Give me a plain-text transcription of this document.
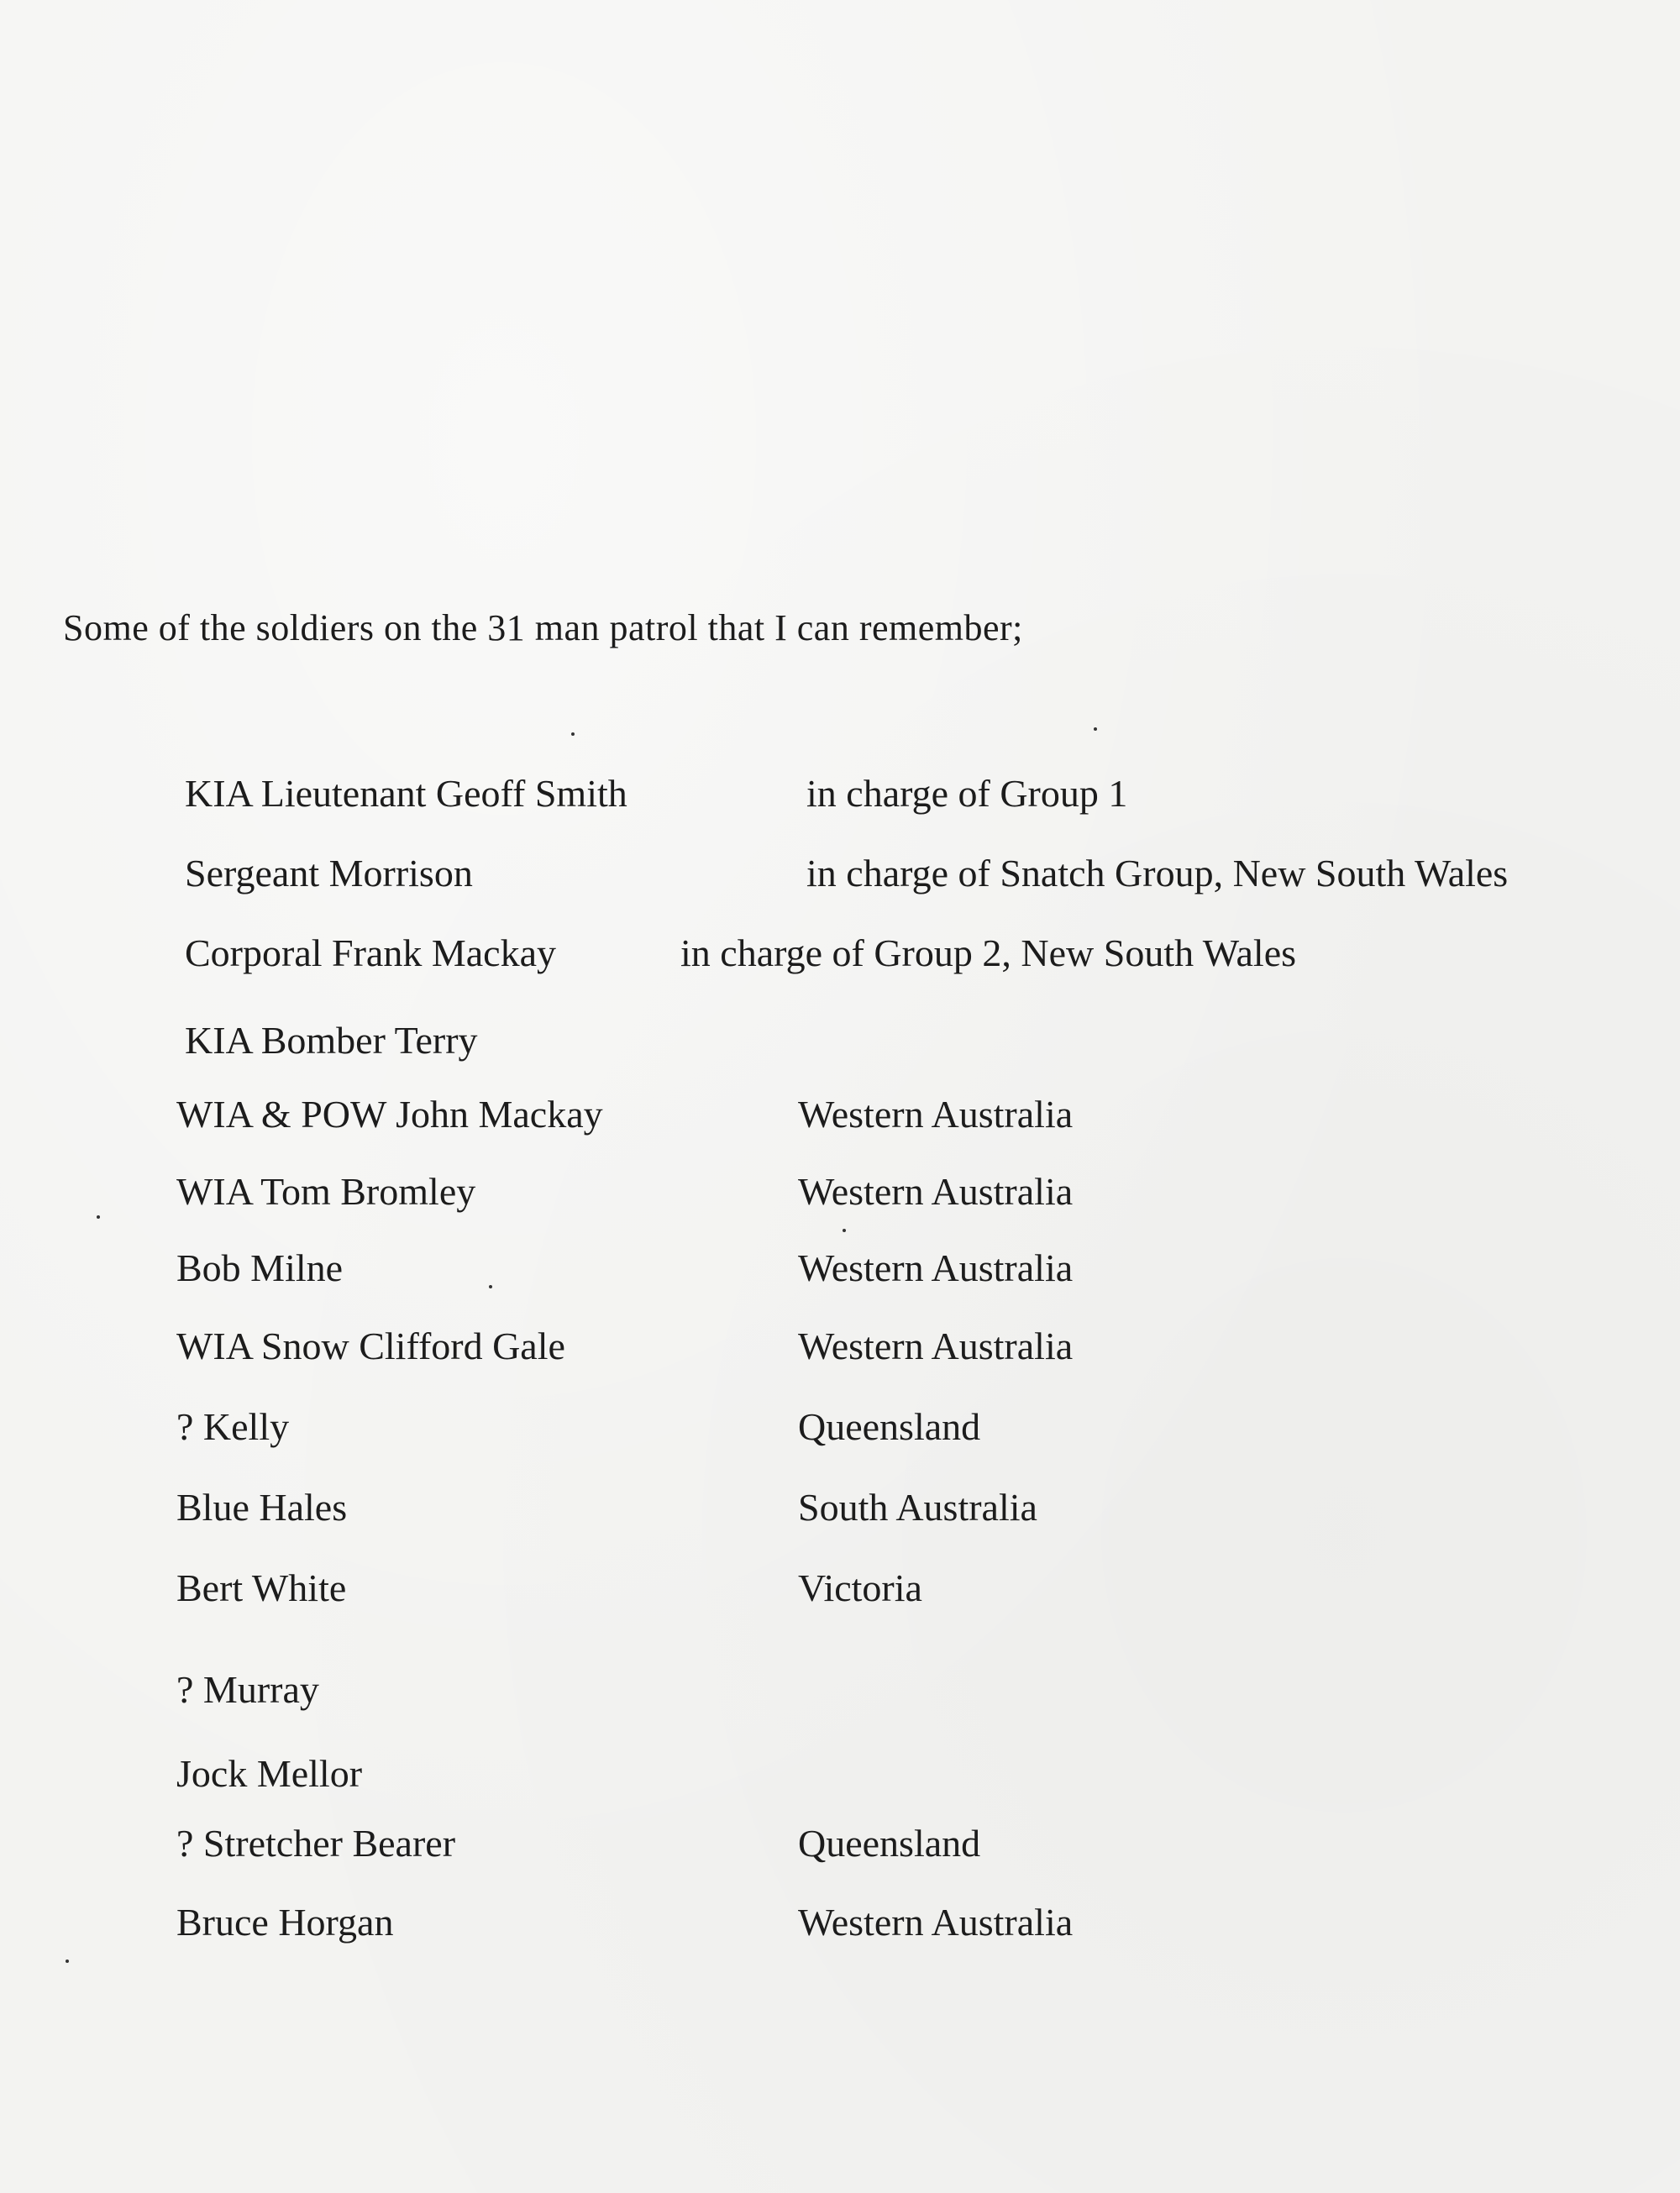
Some of the soldiers on the 31 man patrol that I can remember;
KIA Lieutenant Geoff Smith	in charge of Group 1
Sergeant Morrison	in charge of Snatch Group, New South Wales
Corporal Frank Mackay	in charge of Group 2, New South Wales
KIA Bomber Terry
WIA & POW John Mackay	Western Australia
WIA Tom Bromley	Western Australia
Bob Milne	Western Australia
WIA Snow Clifford Gale	Western Australia
? Kelly	Queensland
Blue Hales	South Australia
Bert White	Victoria
? Murray
Jock Mellor
? Stretcher Bearer	Queensland
Bruce Horgan	Western Australia
